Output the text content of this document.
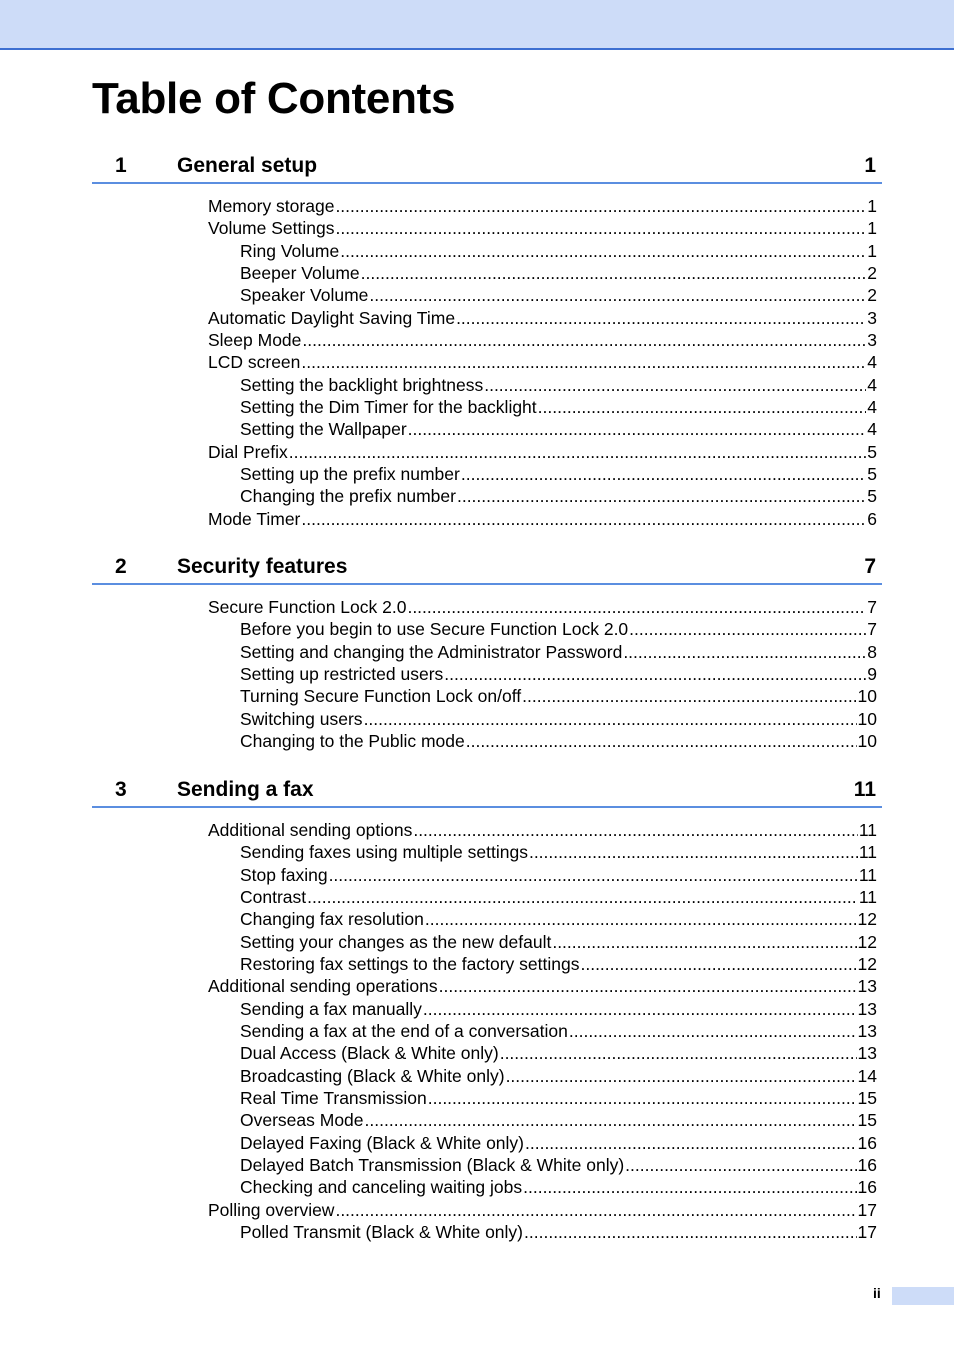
Table of Contents
1 General setup	1
Memory storage .....	1
Volume Settings .....	1
Ring Volume .....	1
Beeper Volume .....	2
Speaker Volume .....	2
Automatic Daylight Saving Time .....	3
Sleep Mode .....	3
LCD screen .....	4
Setting the backlight brightness .....	4
Setting the Dim Timer for the backlight .....	4
Setting the Wallpaper .....	4
Dial Prefix .....	5
Setting up the prefix number .....	5
Changing the prefix number .....	5
Mode Timer .....	6
2 Security features	7
Secure Function Lock 2.0 .....	7
Before you begin to use Secure Function Lock 2.0 .....	7
Setting and changing the Administrator Password .....	8
Setting up restricted users .....	9
Turning Secure Function Lock on/off .....	10
Switching users .....	10
Changing to the Public mode .....	10
3 Sending a fax	11
Additional sending options .....	11
Sending faxes using multiple settings .....	11
Stop faxing .....	11
Contrast .....	11
Changing fax resolution .....	12
Setting your changes as the new default .....	12
Restoring fax settings to the factory settings .....	12
Additional sending operations .....	13
Sending a fax manually .....	13
Sending a fax at the end of a conversation .....	13
Dual Access (Black & White only) .....	13
Broadcasting (Black & White only) .....	14
Real Time Transmission .....	15
Overseas Mode .....	15
Delayed Faxing (Black & White only) .....	16
Delayed Batch Transmission (Black & White only) .....	16
Checking and canceling waiting jobs .....	16
Polling overview .....	17
Polled Transmit (Black & White only) .....	17
ii
